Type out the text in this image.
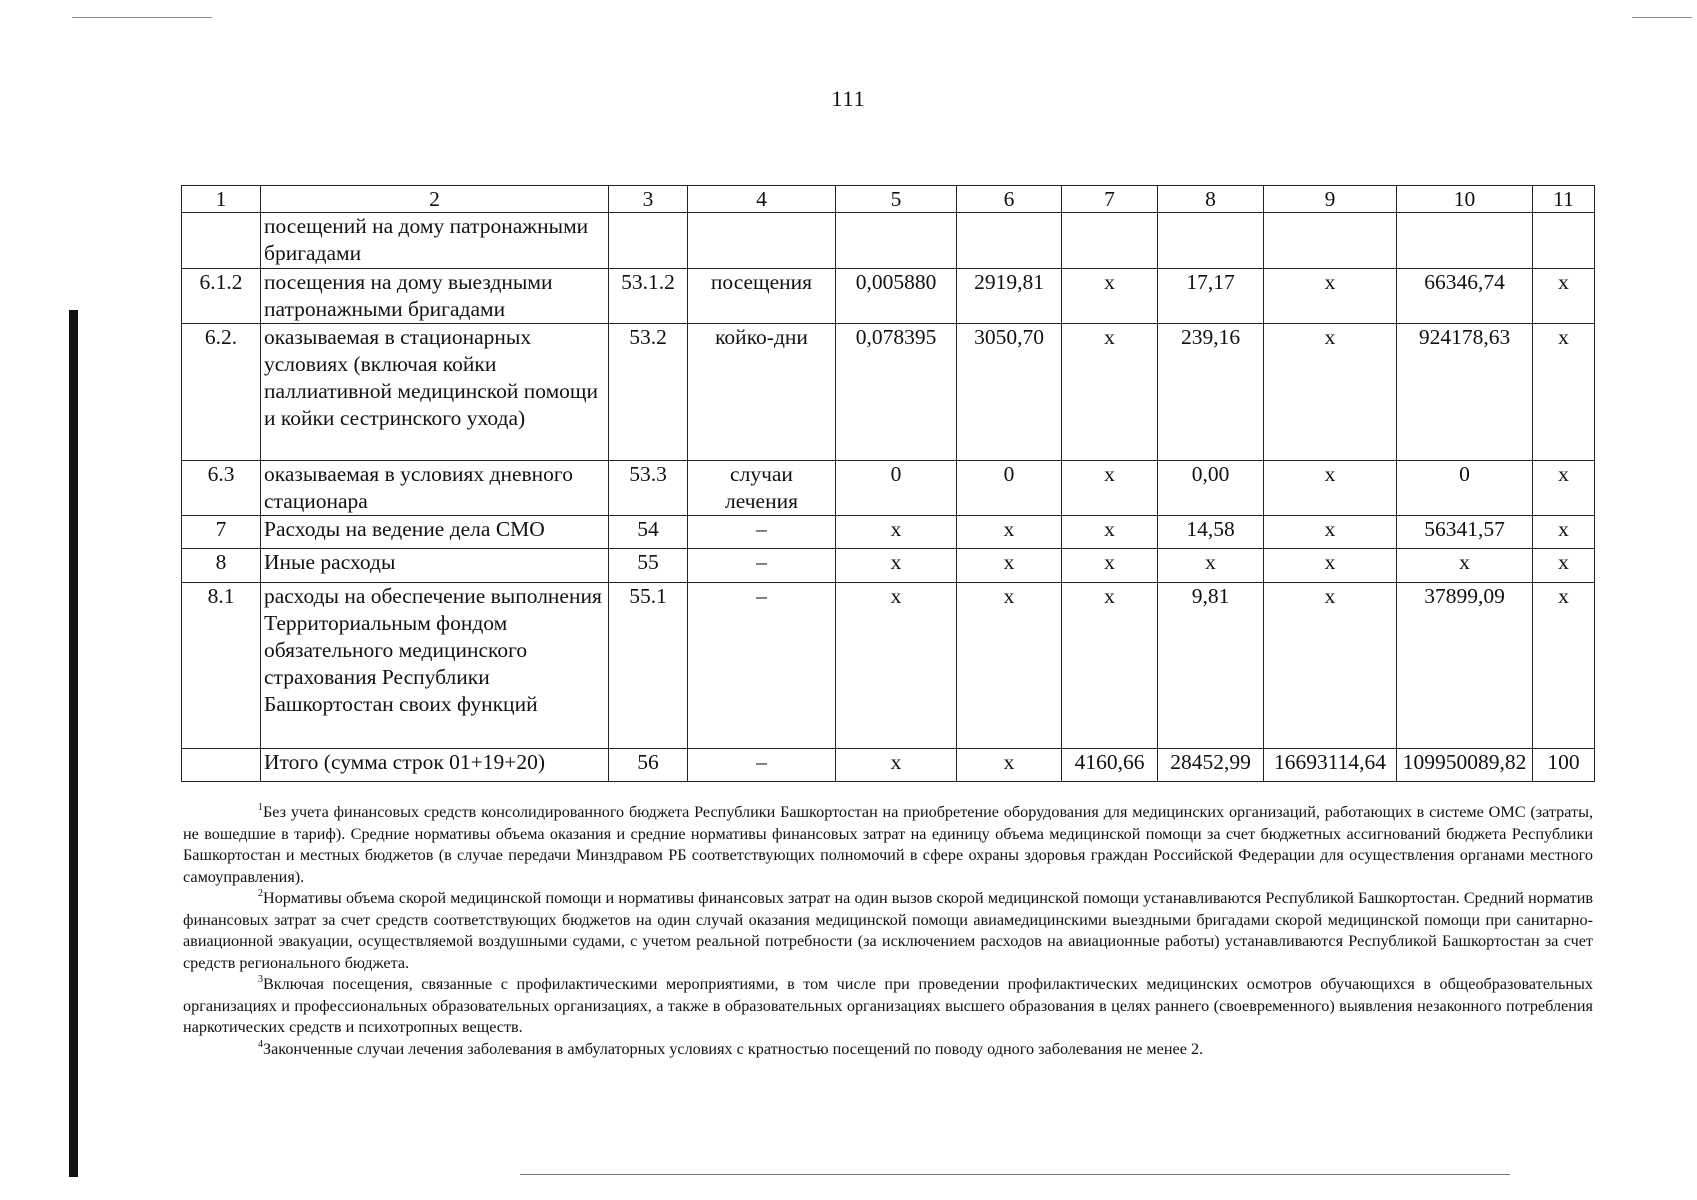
111
1	2	3	4	5	6	7	8	9	10	11
	посещений на дому патронажными бригадами									
6.1.2	посещения на дому выездными патронажными бригадами	53.1.2	посещения	0,005880	2919,81	х	17,17	х	66346,74	х
6.2.	оказываемая в стационарных условиях (включая койки паллиативной медицинской помощи и койки сестринского ухода)	53.2	койко-дни	0,078395	3050,70	х	239,16	х	924178,63	х
6.3	оказываемая в условиях дневного стационара	53.3	случаи лечения	0	0	х	0,00	х	0	х
7	Расходы на ведение дела СМО	54	–	х	х	х	14,58	х	56341,57	х
8	Иные расходы	55	–	х	х	х	х	х	х	х
8.1	расходы на обеспечение выполнения Территориальным фондом обязательного медицинского страхования Республики Башкортостан своих функций	55.1	–	х	х	х	9,81	х	37899,09	х
	Итого (сумма строк 01+19+20)	56	–	х	х	4160,66	28452,99	16693114,64	109950089,82	100

$^1$Без учета финансовых средств консолидированного бюджета Республики Башкортостан на приобретение оборудования для медицинских организаций, работающих в системе ОМС (затраты, не вошедшие в тариф). Средние нормативы объема оказания и средние нормативы финансовых затрат на единицу объема медицинской помощи за счет бюджетных ассигнований бюджета Республики Башкортостан и местных бюджетов (в случае передачи Минздравом РБ соответствующих полномочий в сфере охраны здоровья граждан Российской Федерации для осуществления органами местного самоуправления).

$^2$Нормативы объема скорой медицинской помощи и нормативы финансовых затрат на один вызов скорой медицинской помощи устанавливаются Республикой Башкортостан. Средний норматив финансовых затрат за счет средств соответствующих бюджетов на один случай оказания медицинской помощи авиамедицинскими выездными бригадами скорой медицинской помощи при санитарно-авиационной эвакуации, осуществляемой воздушными судами, с учетом реальной потребности (за исключением расходов на авиационные работы) устанавливаются Республикой Башкортостан за счет средств регионального бюджета.

$^3$Включая посещения, связанные с профилактическими мероприятиями, в том числе при проведении профилактических медицинских осмотров обучающихся в общеобразовательных организациях и профессиональных образовательных организациях, а также в образовательных организациях высшего образования в целях раннего (своевременного) выявления незаконного потребления наркотических средств и психотропных веществ.

$^4$Законченные случаи лечения заболевания в амбулаторных условиях с кратностью посещений по поводу одного заболевания не менее 2.
